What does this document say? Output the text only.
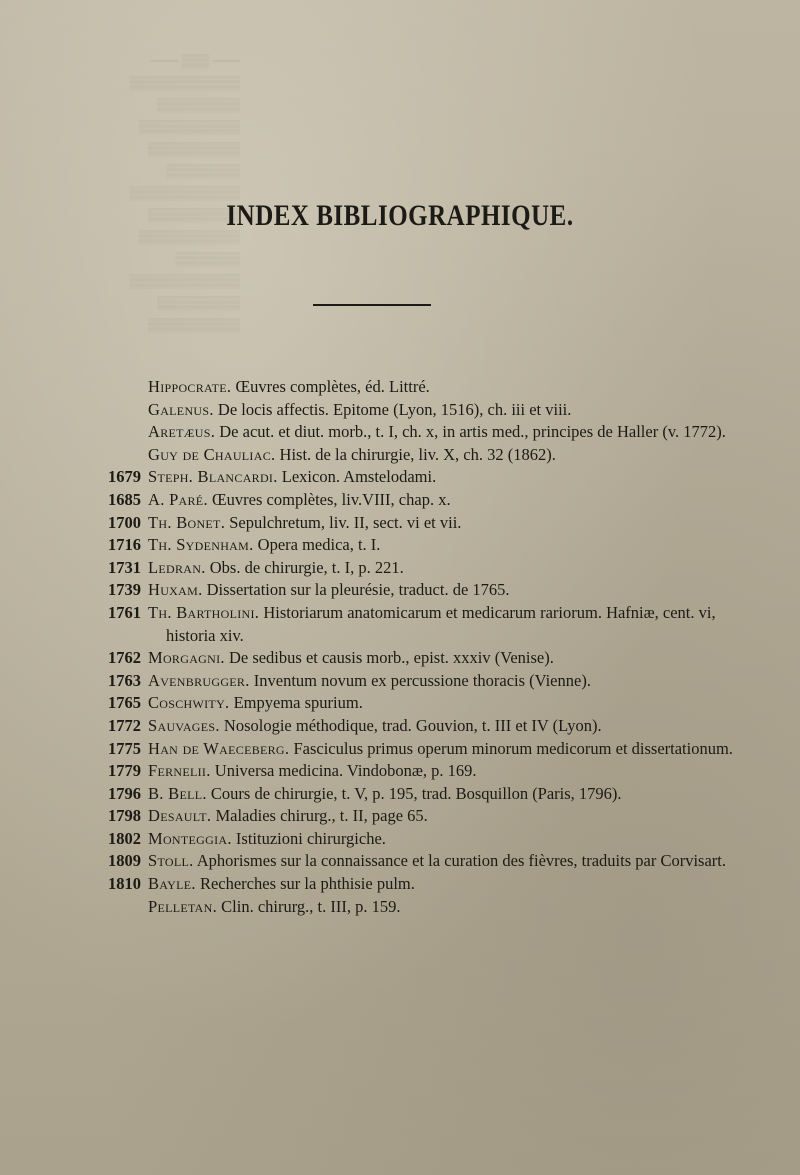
─── ▒▒▒ ───
▒▒▒▒▒▒▒▒▒▒▒▒
▒▒▒▒▒▒▒▒▒
▒▒▒▒▒▒▒▒▒▒▒
▒▒▒▒▒▒▒▒▒▒
▒▒▒▒▒▒▒▒
▒▒▒▒▒▒▒▒▒▒▒▒
▒▒▒▒▒▒▒▒▒▒
▒▒▒▒▒▒▒▒▒▒▒
▒▒▒▒▒▒▒
▒▒▒▒▒▒▒▒▒▒▒▒
▒▒▒▒▒▒▒▒▒
▒▒▒▒▒▒▒▒▒▒
INDEX BIBLIOGRAPHIQUE.
Hippocrate. Œuvres complètes, éd. Littré.
Galenus. De locis affectis. Epitome (Lyon, 1516), ch. iii et viii.
Aretæus. De acut. et diut. morb., t. I, ch. x, in artis med., principes de Haller (v. 1772).
Guy de Chauliac. Hist. de la chirurgie, liv. X, ch. 32 (1862).
1679 Steph. Blancardi. Lexicon. Amstelodami.
1685 A. Paré. Œuvres complètes, liv.VIII, chap. x.
1700 Th. Bonet. Sepulchretum, liv. II, sect. vi et vii.
1716 Th. Sydenham. Opera medica, t. I.
1731 Ledran. Obs. de chirurgie, t. I, p. 221.
1739 Huxam. Dissertation sur la pleurésie, traduct. de 1765.
1761 Th. Bartholini. Historiarum anatomicarum et medicarum rariorum. Hafniæ, cent. vi, historia xiv.
1762 Morgagni. De sedibus et causis morb., epist. xxxiv (Venise).
1763 Avenbrugger. Inventum novum ex percussione thoracis (Vienne).
1765 Coschwity. Empyema spurium.
1772 Sauvages. Nosologie méthodique, trad. Gouvion, t. III et IV (Lyon).
1775 Han de Waeceberg. Fasciculus primus operum minorum medicorum et dissertationum.
1779 Fernelii. Universa medicina. Vindobonæ, p. 169.
1796 B. Bell. Cours de chirurgie, t. V, p. 195, trad. Bosquillon (Paris, 1796).
1798 Desault. Maladies chirurg., t. II, page 65.
1802 Monteggia. Istituzioni chirurgiche.
1809 Stoll. Aphorismes sur la connaissance et la curation des fièvres, traduits par Corvisart.
1810 Bayle. Recherches sur la phthisie pulm.
Pelletan. Clin. chirurg., t. III, p. 159.
